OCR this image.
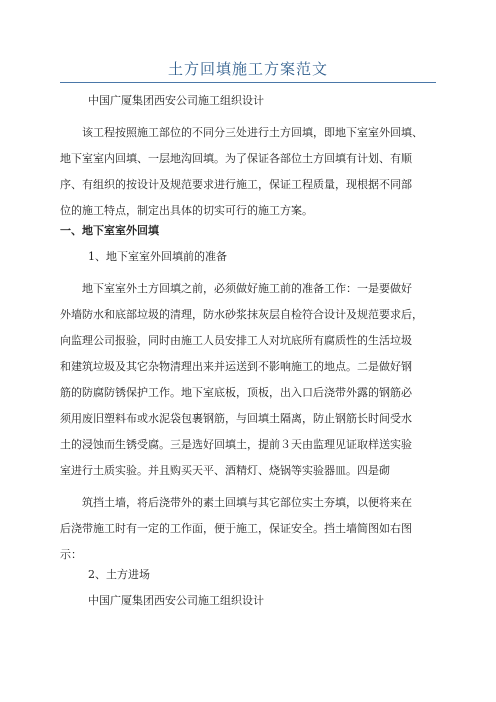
土方回填施工方案范文
中国广厦集团西安公司施工组织设计
该工程按照施工部位的不同分三处进行土方回填，即地下室室外回填、
地下室室内回填、一层地沟回填。为了保证各部位土方回填有计划、有顺
序、有组织的按设计及规范要求进行施工，保证工程质量，现根据不同部
位的施工特点，制定出具体的切实可行的施工方案。
一、地下室室外回填
1、地下室室外回填前的准备
地下室室外土方回填之前，必须做好施工前的准备工作：一是要做好
外墙防水和底部垃圾的清理，防水砂浆抹灰层自检符合设计及规范要求后，
向监理公司报验，同时由施工人员安排工人对坑底所有腐质性的生活垃圾
和建筑垃圾及其它杂物清理出来并运送到不影响施工的地点。二是做好钢
筋的防腐防锈保护工作。地下室底板，顶板，出入口后浇带外露的钢筋必
须用废旧塑料布或水泥袋包裹钢筋，与回填土隔离，防止钢筋长时间受水
土的浸蚀而生锈受腐。三是选好回填土，提前３天由监理见证取样送实验
室进行土质实验。并且购买天平、酒精灯、烧锅等实验器皿。四是砌
筑挡土墙，将后浇带外的素土回填与其它部位实土夯填，以便将来在
后浇带施工时有一定的工作面，便于施工，保证安全。挡土墙简图如右图
示：
2、土方进场
中国广厦集团西安公司施工组织设计
